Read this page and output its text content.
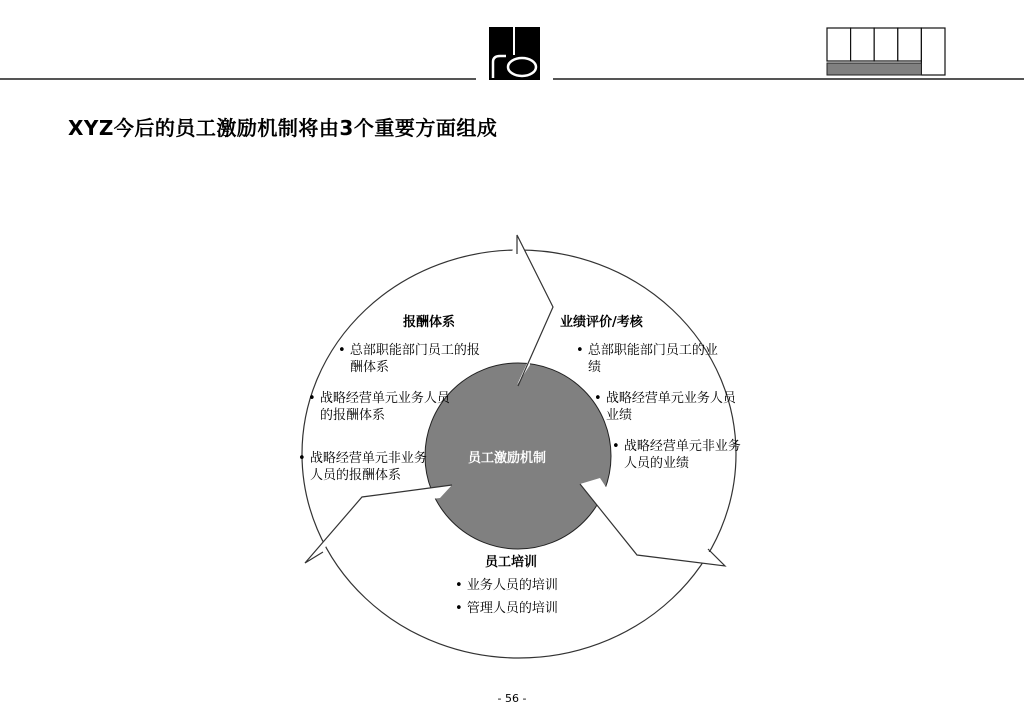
XYZ今后的员工激励机制将由3个重要方面组成
员工激励机制
报酬体系
• 总部职能部门员工的报酬体系
• 战略经营单元业务人员的报酬体系
• 战略经营单元非业务人员的报酬体系
业绩评价/考核
• 总部职能部门员工的业绩
• 战略经营单元业务人员业绩
• 战略经营单元非业务人员的业绩
员工培训
• 业务人员的培训
• 管理人员的培训
- 56 -
